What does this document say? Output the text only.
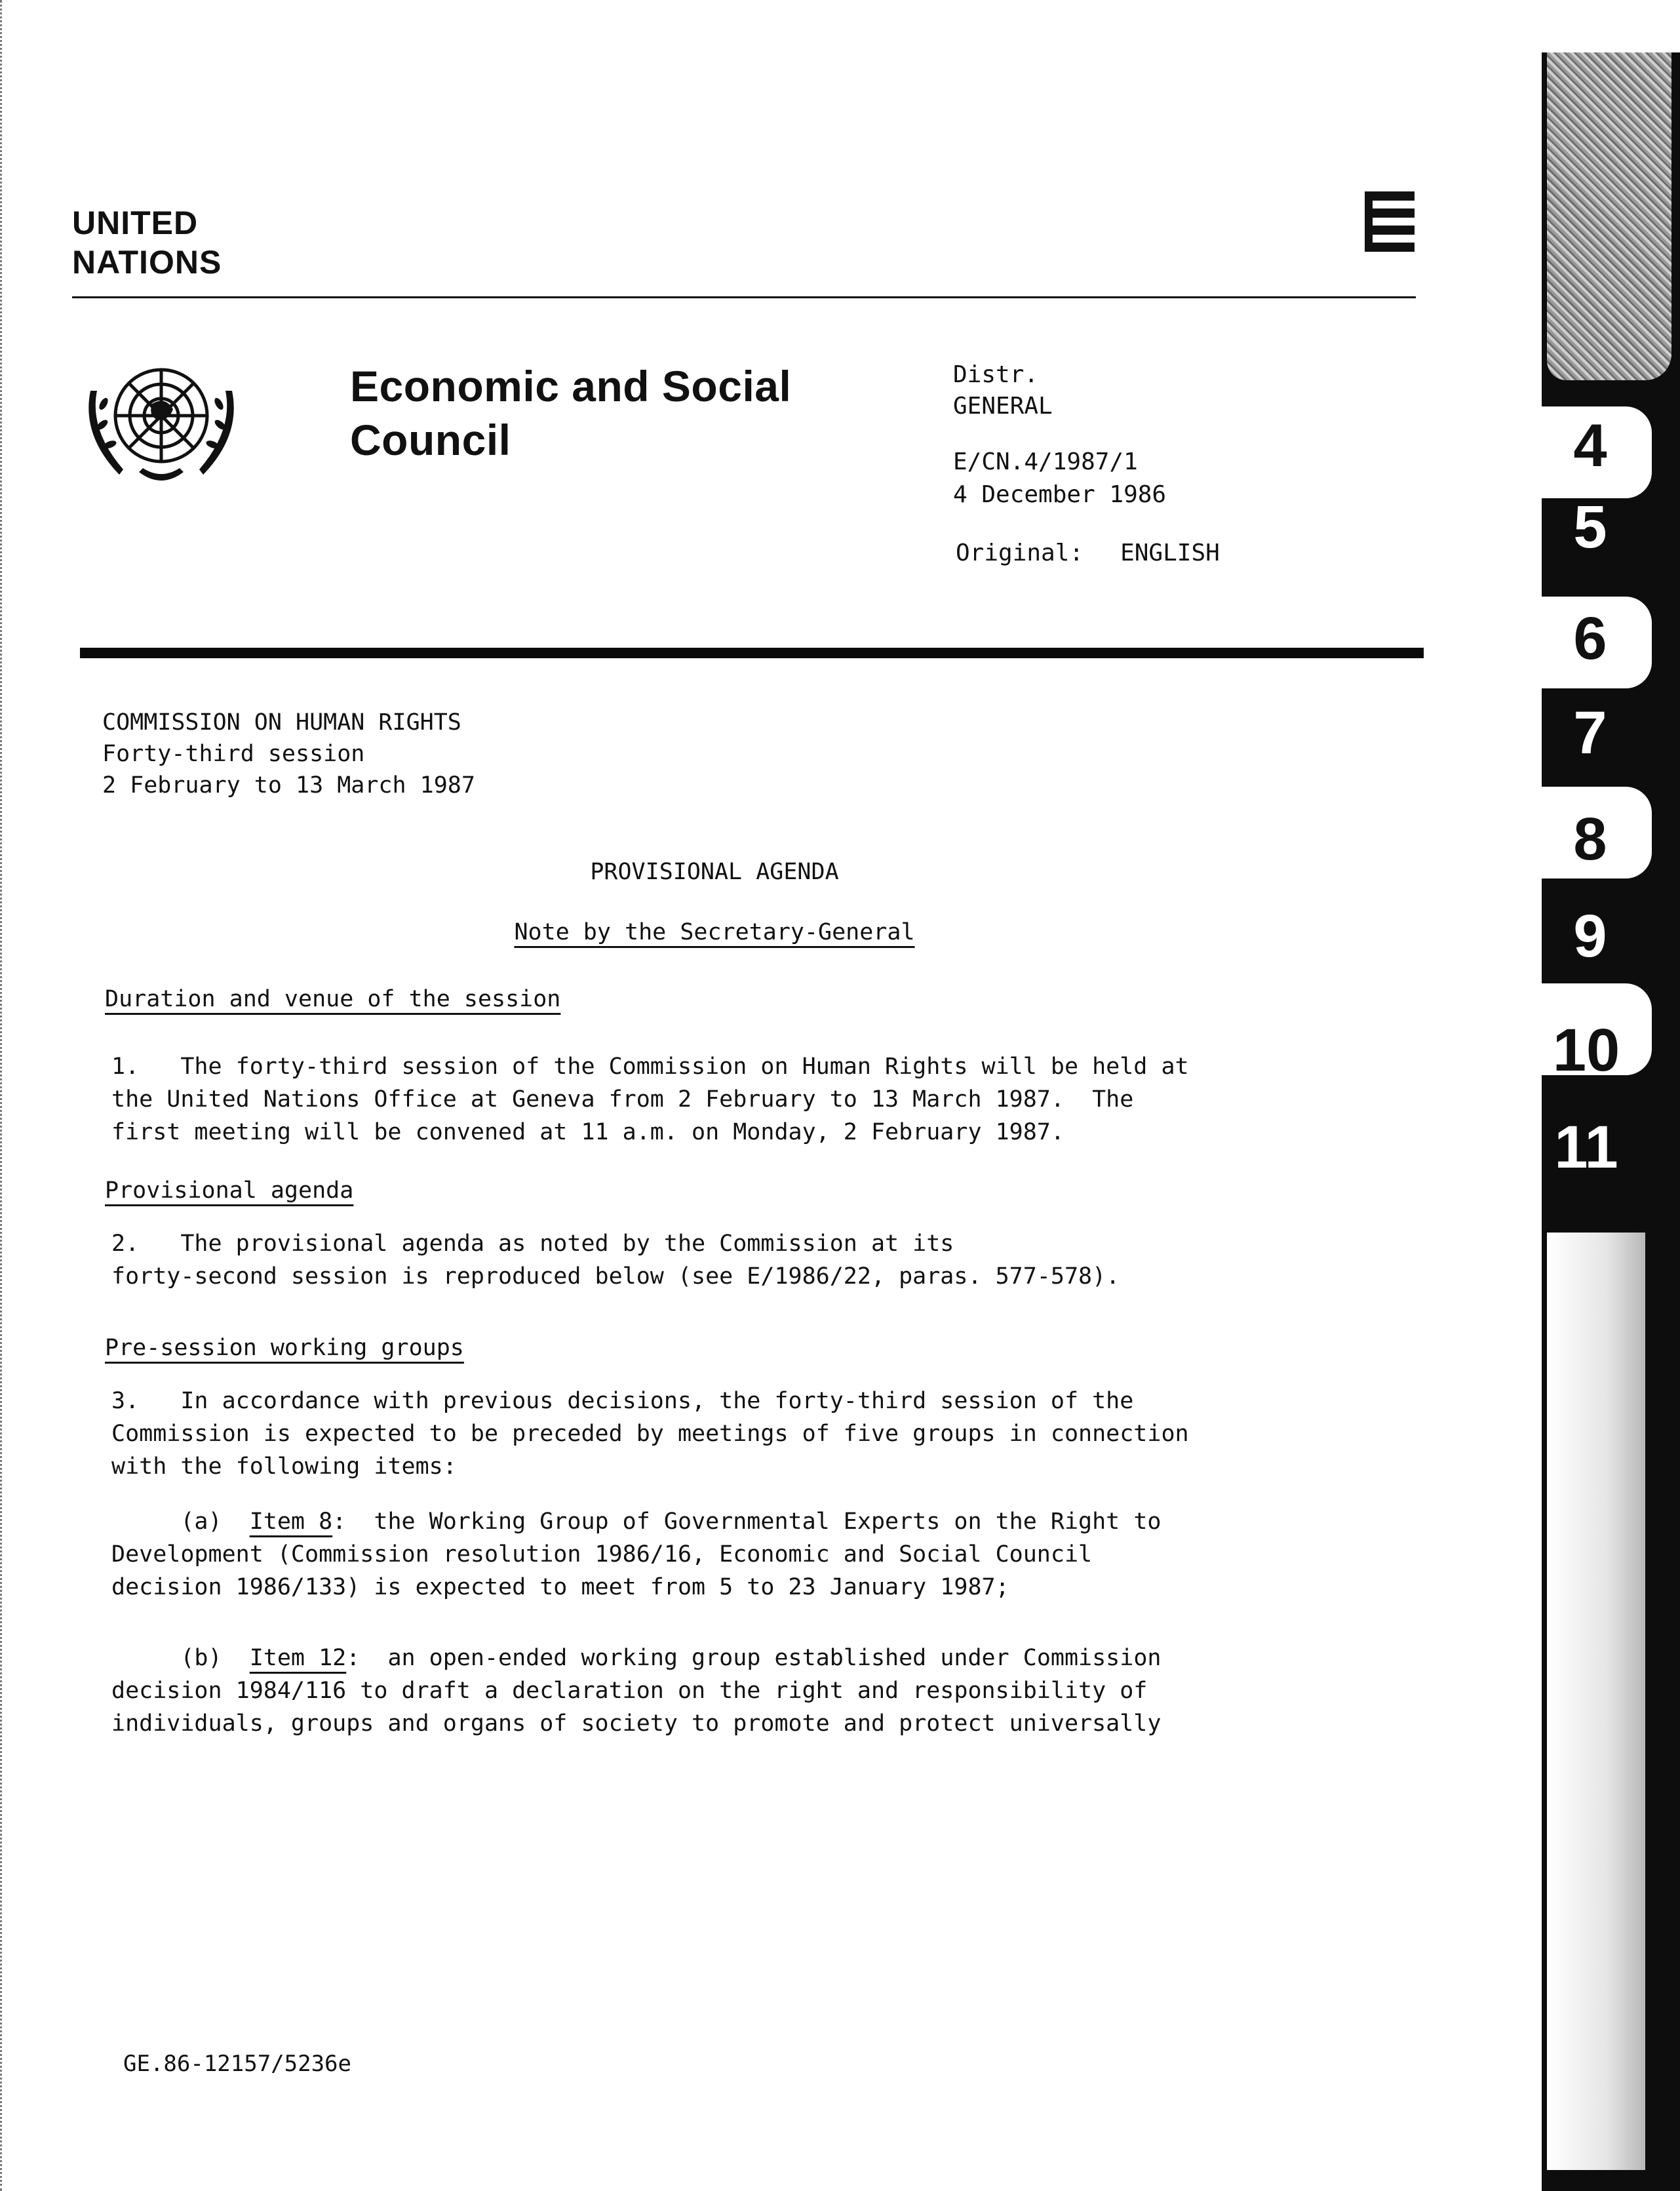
UNITED
NATIONS
Economic and Social
Council
Distr.
GENERAL
E/CN.4/1987/1
4 December 1986
Original: ENGLISH
COMMISSION ON HUMAN RIGHTS
Forty-third session
2 February to 13 March 1987
PROVISIONAL AGENDA
Note by the Secretary-General
Duration and venue of the session
1.   The forty-third session of the Commission on Human Rights will be held at
the United Nations Office at Geneva from 2 February to 13 March 1987.  The
first meeting will be convened at 11 a.m. on Monday, 2 February 1987.
Provisional agenda
2.   The provisional agenda as noted by the Commission at its
forty-second session is reproduced below (see E/1986/22, paras. 577-578).
Pre-session working groups
3.   In accordance with previous decisions, the forty-third session of the
Commission is expected to be preceded by meetings of five groups in connection
with the following items:
(a)  Item 8:  the Working Group of Governmental Experts on the Right to
Development (Commission resolution 1986/16, Economic and Social Council
decision 1986/133) is expected to meet from 5 to 23 January 1987;
(b)  Item 12:  an open-ended working group established under Commission
decision 1984/116 to draft a declaration on the right and responsibility of
individuals, groups and organs of society to promote and protect universally
GE.86-12157/5236e
4
5
6
7
8
9
10
11
